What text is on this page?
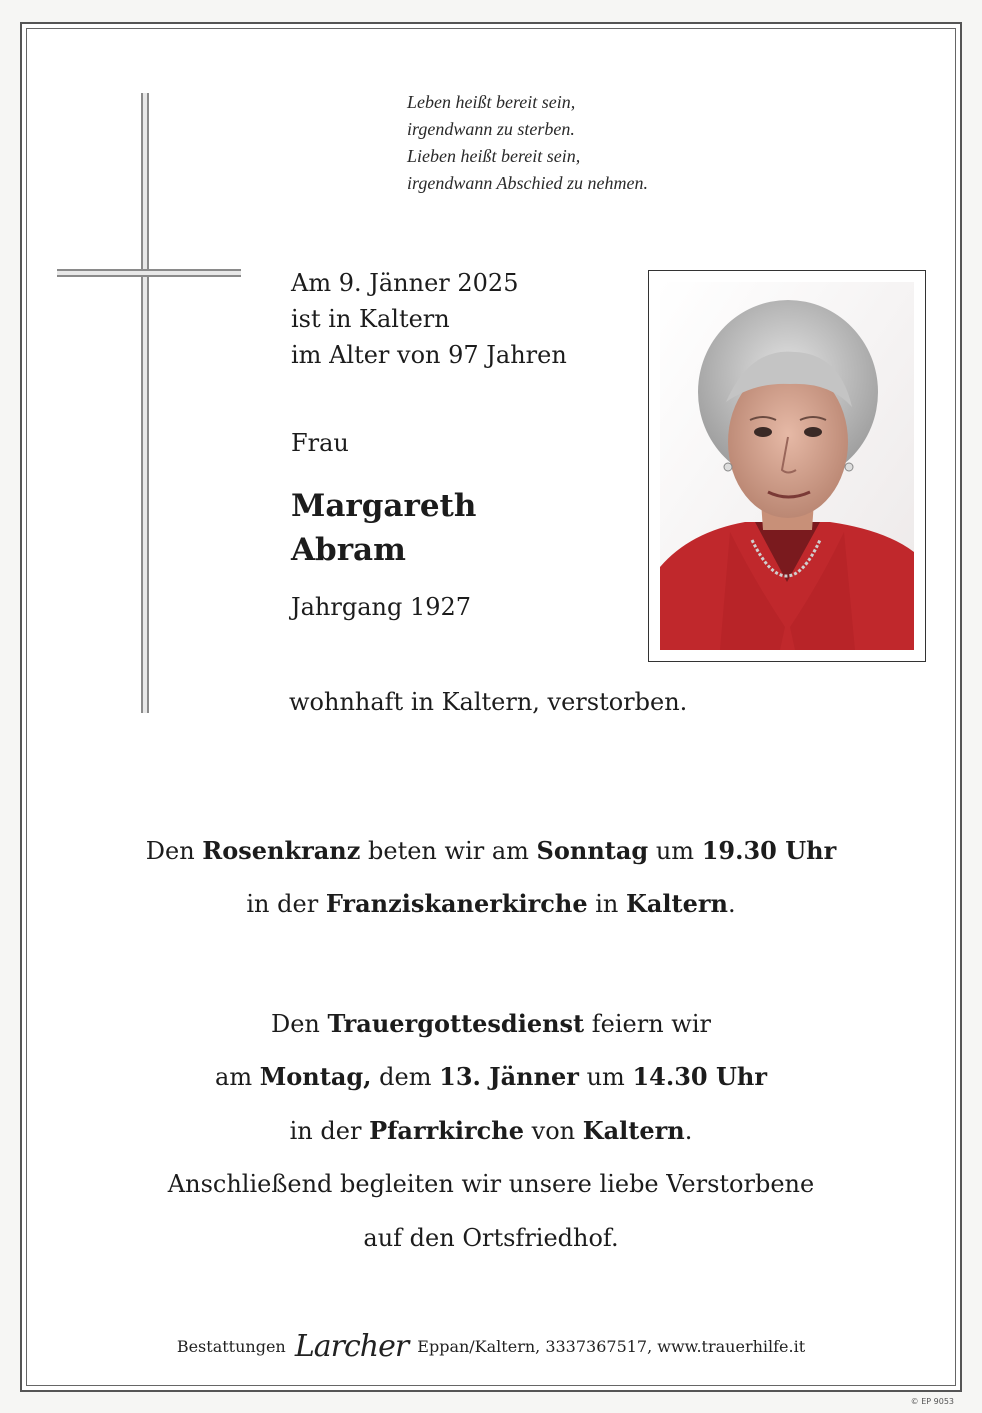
Leben heißt bereit sein,
irgendwann zu sterben.
Lieben heißt bereit sein,
irgendwann Abschied zu nehmen.
Am 9. Jänner 2025
ist in Kaltern
im Alter von 97 Jahren
Frau
Margareth
Abram
Jahrgang 1927
wohnhaft in Kaltern, verstorben.
Den Rosenkranz beten wir am Sonntag um 19.30 Uhr
in der Franziskanerkirche in Kaltern.
Den Trauergottesdienst feiern wir
am Montag, dem 13. Jänner um 14.30 Uhr
in der Pfarrkirche von Kaltern.
Anschließend begleiten wir unsere liebe Verstorbene
auf den Ortsfriedhof.
Bestattungen Larcher Eppan/Kaltern, 3337367517, www.trauerhilfe.it
© EP 9053
